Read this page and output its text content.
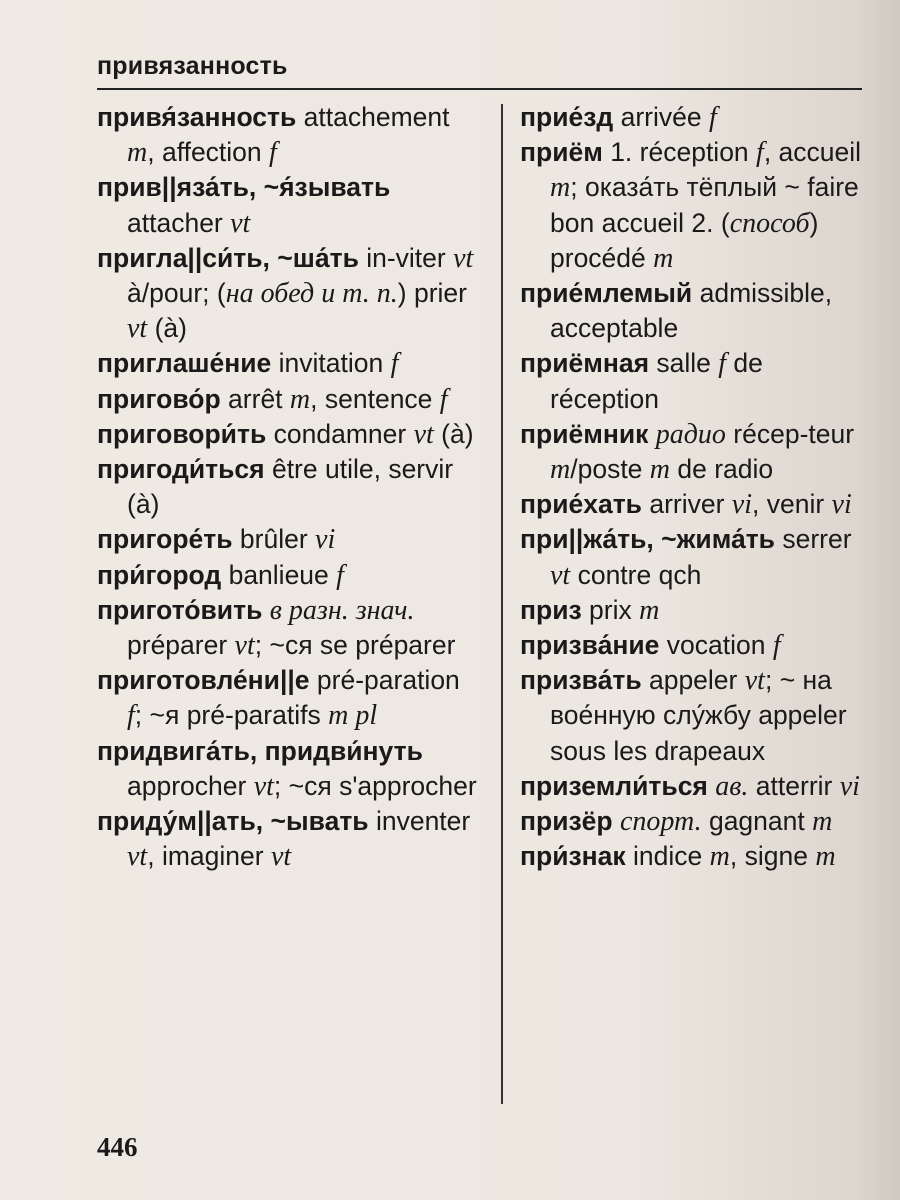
привязанность

привя́занность attachement m, affection f

прив||яза́ть, ~я́зывать attacher vt

пригла||си́ть, ~ша́ть in-viter vt à/pour; (на обед и т. п.) prier vt (à)

приглаше́ние invitation f

пригово́р arrêt m, sentence f

приговори́ть condamner vt (à)

пригоди́ться être utile, servir (à)

пригоре́ть brûler vi

при́город banlieue f

пригото́вить в разн. знач. préparer vt; ~ся se préparer

приготовле́ни||е pré-paration f; ~я pré-paratifs m pl

придвига́ть, придви́нуть approcher vt; ~ся s'approcher

приду́м||ать, ~ывать inventer vt, imaginer vt

прие́зд arrivée f

приём 1. réception f, accueil m; оказа́ть тёплый ~ faire bon accueil 2. (способ) procédé m

прие́млемый admissible, acceptable

приёмная salle f de réception

приёмник радио récep-teur m/poste m de radio

прие́хать arriver vi, venir vi

при||жа́ть, ~жима́ть serrer vt contre qch

приз prix m

призва́ние vocation f

призва́ть appeler vt; ~ на вое́нную слу́жбу appeler sous les drapeaux

приземли́ться ав. atterrir vi

призёр спорт. gagnant m

при́знак indice m, signe m

446
